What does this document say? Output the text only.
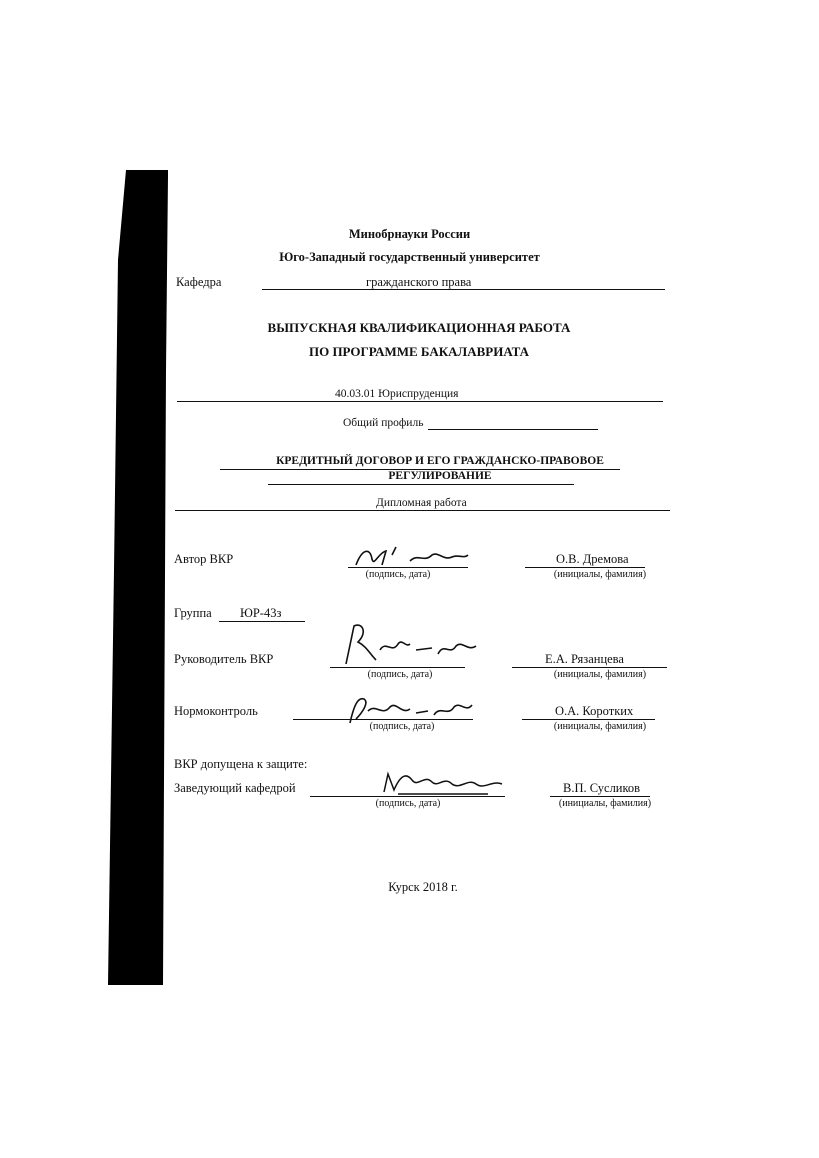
Минобрнауки России
Юго-Западный государственный университет
Кафедра	гражданского права
ВЫПУСКНАЯ КВАЛИФИКАЦИОННАЯ РАБОТА
ПО ПРОГРАММЕ БАКАЛАВРИАТА
40.03.01 Юриспруденция
Общий профиль
КРЕДИТНЫЙ ДОГОВОР И ЕГО ГРАЖДАНСКО-ПРАВОВОЕ
РЕГУЛИРОВАНИЕ
Дипломная работа
Автор ВКР
(подпись, дата)
О.В. Дремова
(инициалы, фамилия)
Группа ЮР-43з
Руководитель ВКР
(подпись, дата)
Е.А. Рязанцева
(инициалы, фамилия)
Нормоконтроль
(подпись, дата)
О.А. Коротких
(инициалы, фамилия)
ВКР допущена к защите:
Заведующий кафедрой
(подпись, дата)
В.П. Сусликов
(инициалы, фамилия)
Курск 2018 г.
